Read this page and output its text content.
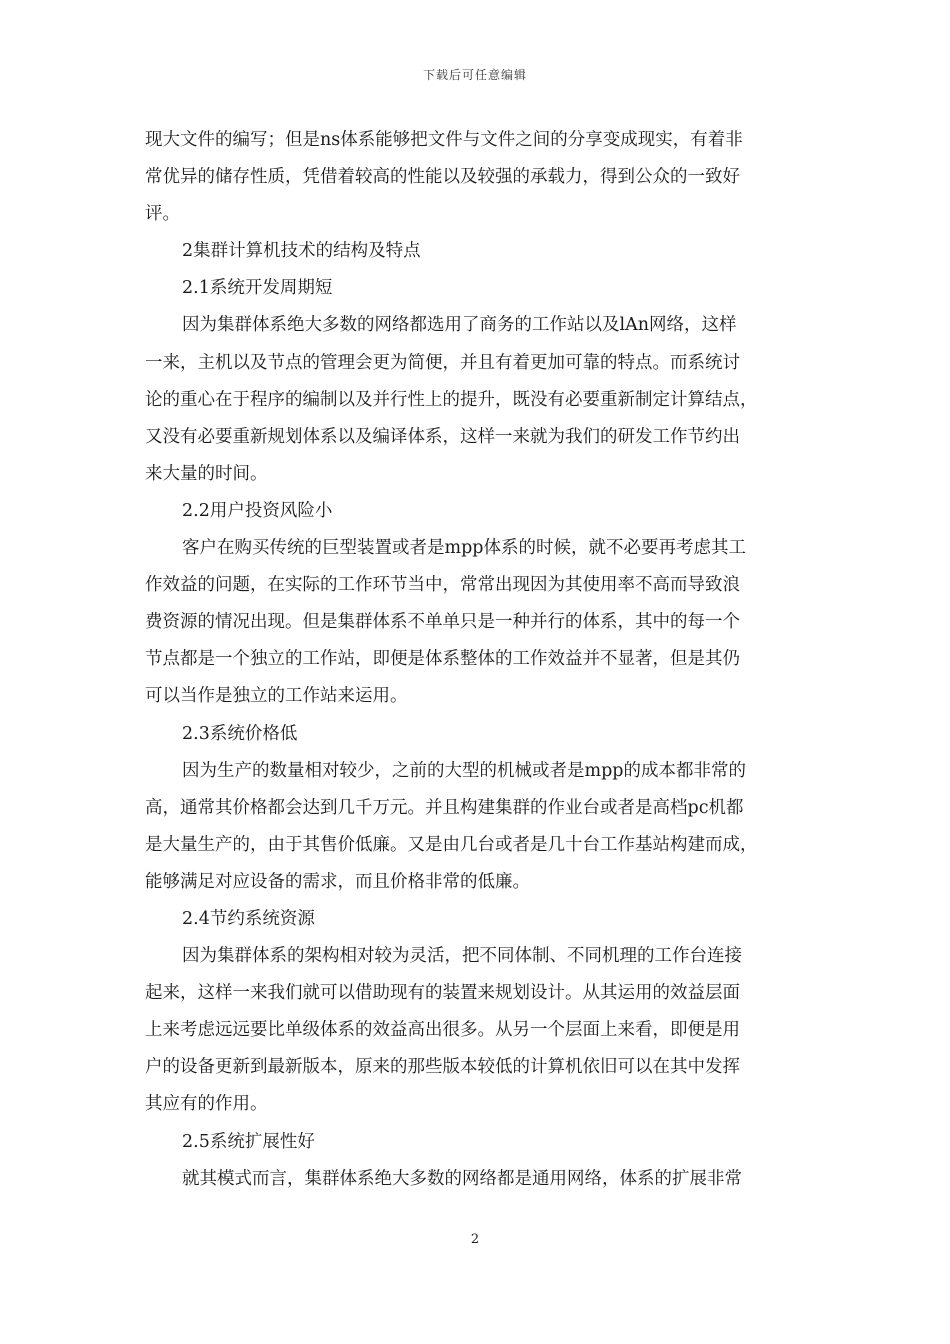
下载后可任意编辑
现大文件的编写；但是ns体系能够把文件与文件之间的分享变成现实，有着非
常优异的储存性质，凭借着较高的性能以及较强的承载力，得到公众的一致好
评。
2集群计算机技术的结构及特点
2.1系统开发周期短
因为集群体系绝大多数的网络都选用了商务的工作站以及lAn网络，这样
一来，主机以及节点的管理会更为简便，并且有着更加可靠的特点。而系统讨
论的重心在于程序的编制以及并行性上的提升，既没有必要重新制定计算结点，
又没有必要重新规划体系以及编译体系，这样一来就为我们的研发工作节约出
来大量的时间。
2.2用户投资风险小
客户在购买传统的巨型装置或者是mpp体系的时候，就不必要再考虑其工
作效益的问题，在实际的工作环节当中，常常出现因为其使用率不高而导致浪
费资源的情况出现。但是集群体系不单单只是一种并行的体系，其中的每一个
节点都是一个独立的工作站，即便是体系整体的工作效益并不显著，但是其仍
可以当作是独立的工作站来运用。
2.3系统价格低
因为生产的数量相对较少，之前的大型的机械或者是mpp的成本都非常的
高，通常其价格都会达到几千万元。并且构建集群的作业台或者是高档pc机都
是大量生产的，由于其售价低廉。又是由几台或者是几十台工作基站构建而成，
能够满足对应设备的需求，而且价格非常的低廉。
2.4节约系统资源
因为集群体系的架构相对较为灵活，把不同体制、不同机理的工作台连接
起来，这样一来我们就可以借助现有的装置来规划设计。从其运用的效益层面
上来考虑远远要比单级体系的效益高出很多。从另一个层面上来看，即便是用
户的设备更新到最新版本，原来的那些版本较低的计算机依旧可以在其中发挥
其应有的作用。
2.5系统扩展性好
就其模式而言，集群体系绝大多数的网络都是通用网络，体系的扩展非常
2
